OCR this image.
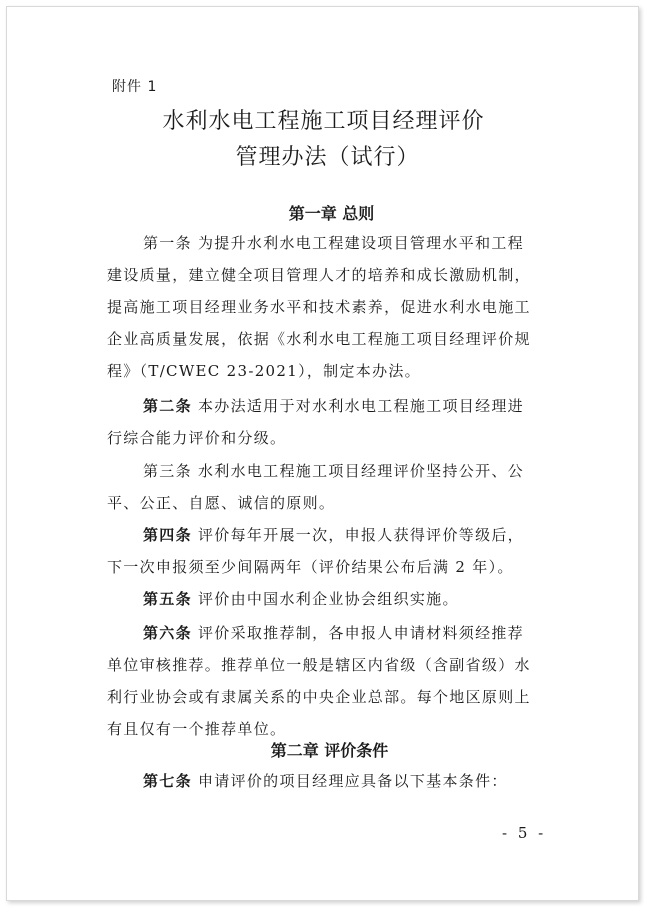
附件 1
水利水电工程施工项目经理评价
管理办法（试行）
第一章 总则
第一条 为提升水利水电工程建设项目管理水平和工程
建设质量，建立健全项目管理人才的培养和成长激励机制，
提高施工项目经理业务水平和技术素养，促进水利水电施工
企业高质量发展，依据《水利水电工程施工项目经理评价规
程》（T/CWEC 23-2021），制定本办法。
第二条 本办法适用于对水利水电工程施工项目经理进
行综合能力评价和分级。
第三条 水利水电工程施工项目经理评价坚持公开、公
平、公正、自愿、诚信的原则。
第四条 评价每年开展一次，申报人获得评价等级后，
下一次申报须至少间隔两年（评价结果公布后满 2 年）。
第五条 评价由中国水利企业协会组织实施。
第六条 评价采取推荐制，各申报人申请材料须经推荐
单位审核推荐。推荐单位一般是辖区内省级（含副省级）水
利行业协会或有隶属关系的中央企业总部。每个地区原则上
有且仅有一个推荐单位。
第二章 评价条件
第七条 申请评价的项目经理应具备以下基本条件：
- 5 -
